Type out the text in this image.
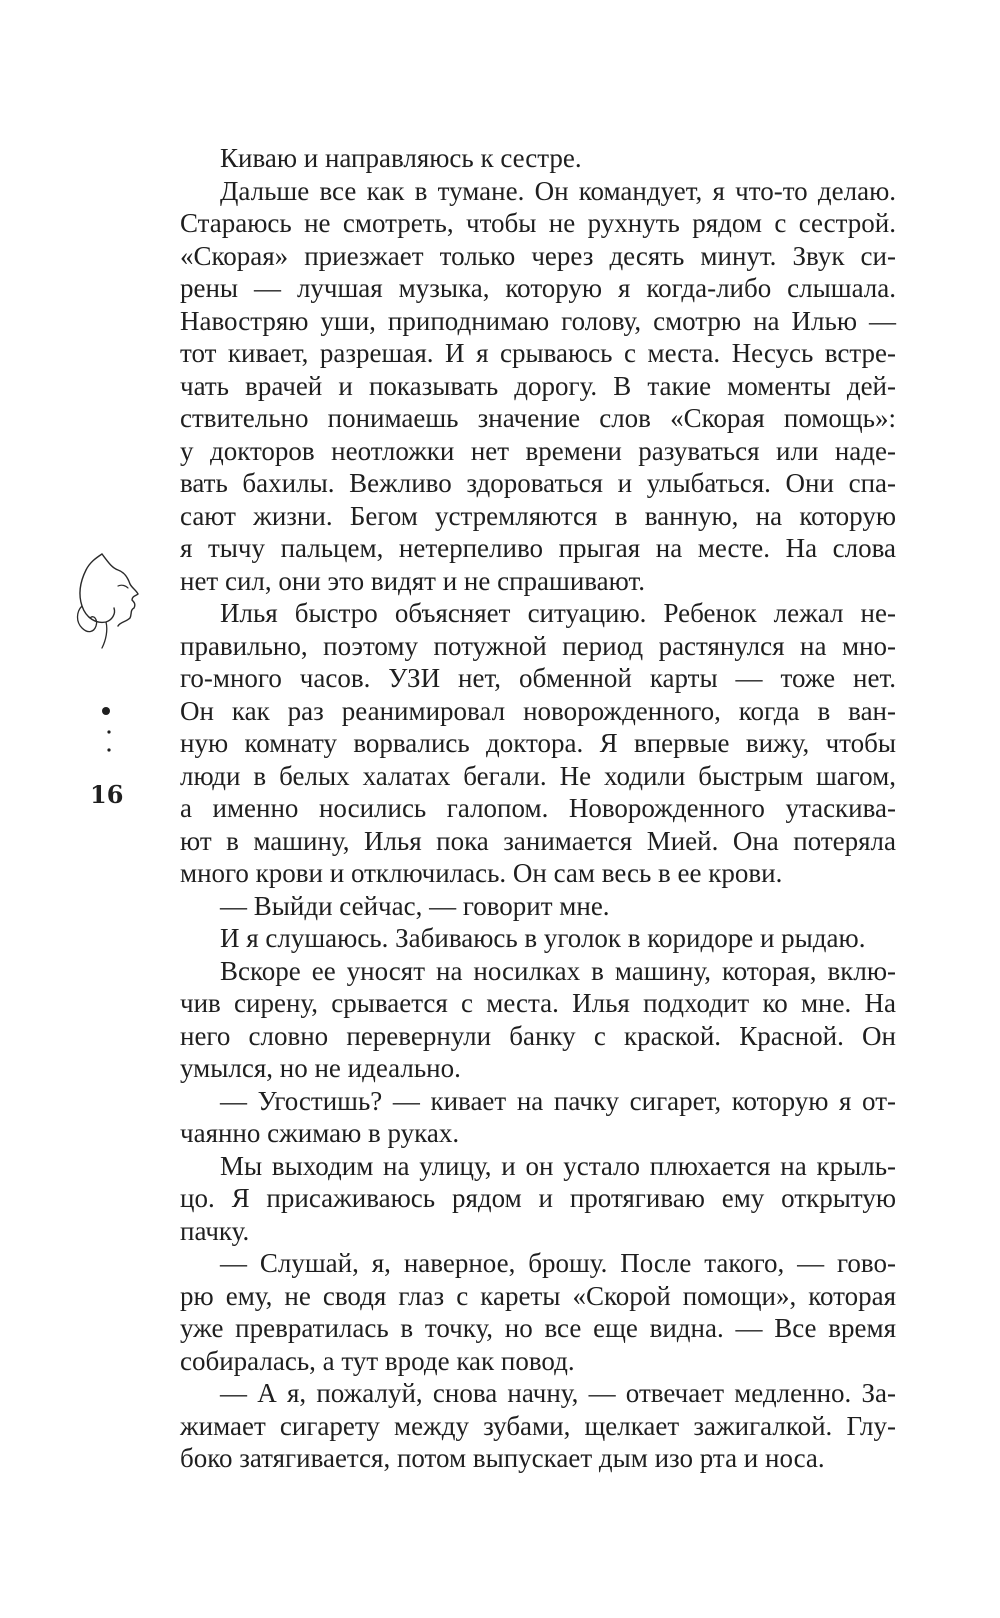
Киваю и направляюсь к сестре.
Дальше все как в тумане. Он командует, я что-то делаю.
Стараюсь не смотреть, чтобы не рухнуть рядом с сестрой.
«Скорая» приезжает только через десять минут. Звук си-
рены — лучшая музыка, которую я когда-либо слышала.
Навостряю уши, приподнимаю голову, смотрю на Илью —
тот кивает, разрешая. И я срываюсь с места. Несусь встре-
чать врачей и показывать дорогу. В такие моменты дей-
ствительно понимаешь значение слов «Скорая помощь»:
у докторов неотложки нет времени разуваться или наде-
вать бахилы. Вежливо здороваться и улыбаться. Они спа-
сают жизни. Бегом устремляются в ванную, на которую
я тычу пальцем, нетерпеливо прыгая на месте. На слова
нет сил, они это видят и не спрашивают.
Илья быстро объясняет ситуацию. Ребенок лежал не-
правильно, поэтому потужной период растянулся на мно-
го-много часов. УЗИ нет, обменной карты — тоже нет.
Он как раз реанимировал новорожденного, когда в ван-
ную комнату ворвались доктора. Я впервые вижу, чтобы
люди в белых халатах бегали. Не ходили быстрым шагом,
а именно носились галопом. Новорожденного утаскива-
ют в машину, Илья пока занимается Мией. Она потеряла
много крови и отключилась. Он сам весь в ее крови.
— Выйди сейчас, — говорит мне.
И я слушаюсь. Забиваюсь в уголок в коридоре и рыдаю.
Вскоре ее уносят на носилках в машину, которая, вклю-
чив сирену, срывается с места. Илья подходит ко мне. На
него словно перевернули банку с краской. Красной. Он
умылся, но не идеально.
— Угостишь? — кивает на пачку сигарет, которую я от-
чаянно сжимаю в руках.
Мы выходим на улицу, и он устало плюхается на крыль-
цо. Я присаживаюсь рядом и протягиваю ему открытую
пачку.
— Слушай, я, наверное, брошу. После такого, — гово-
рю ему, не сводя глаз с кареты «Скорой помощи», которая
уже превратилась в точку, но все еще видна. — Все время
собиралась, а тут вроде как повод.
— А я, пожалуй, снова начну, — отвечает медленно. За-
жимает сигарету между зубами, щелкает зажигалкой. Глу-
боко затягивается, потом выпускает дым изо рта и носа.
16
